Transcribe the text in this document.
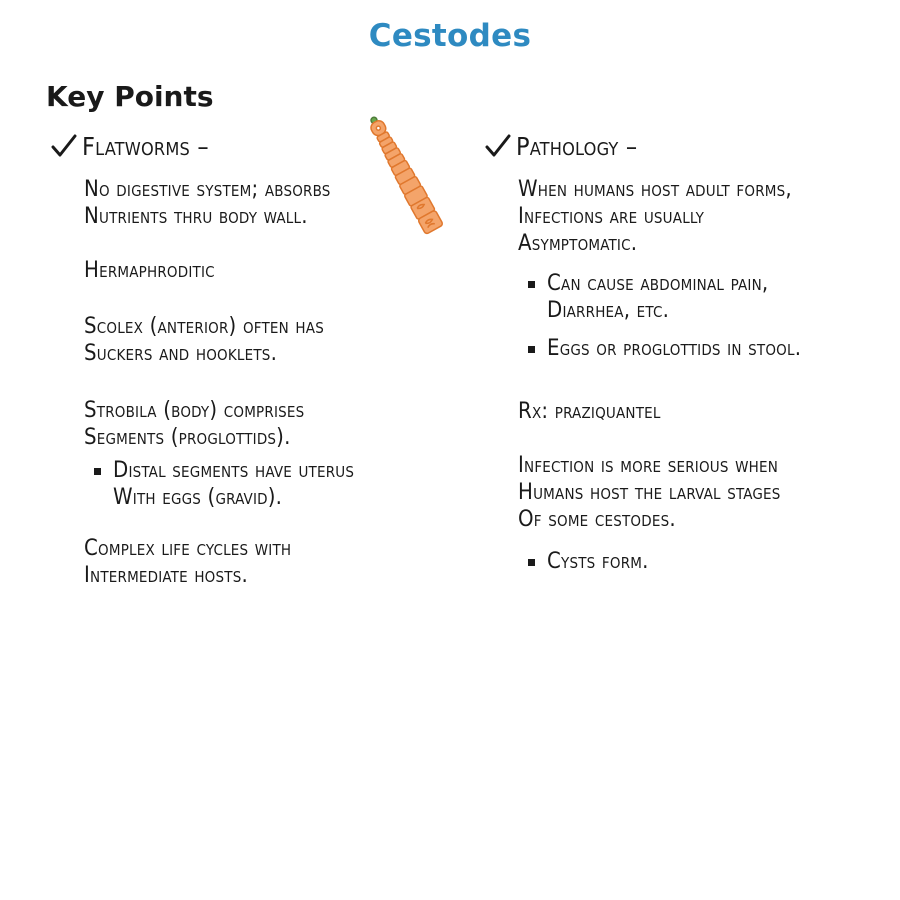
Cestodes
Key Points
Flatworms –

No digestive system; absorbs
Nutrients thru body wall.

Hermaphroditic

Scolex (anterior) often has
Suckers and hooklets.

Strobila (body) comprises
Segments (proglottids).

Distal segments have uterus
With eggs (gravid).

Complex life cycles with
Intermediate hosts.

Pathology –

When humans host adult forms,
Infections are usually
Asymptomatic.

Can cause abdominal pain,
Diarrhea, etc.
Eggs or proglottids in stool.

Rx: praziquantel

Infection is more serious when
Humans host the larval stages
Of some cestodes.

Cysts form.
